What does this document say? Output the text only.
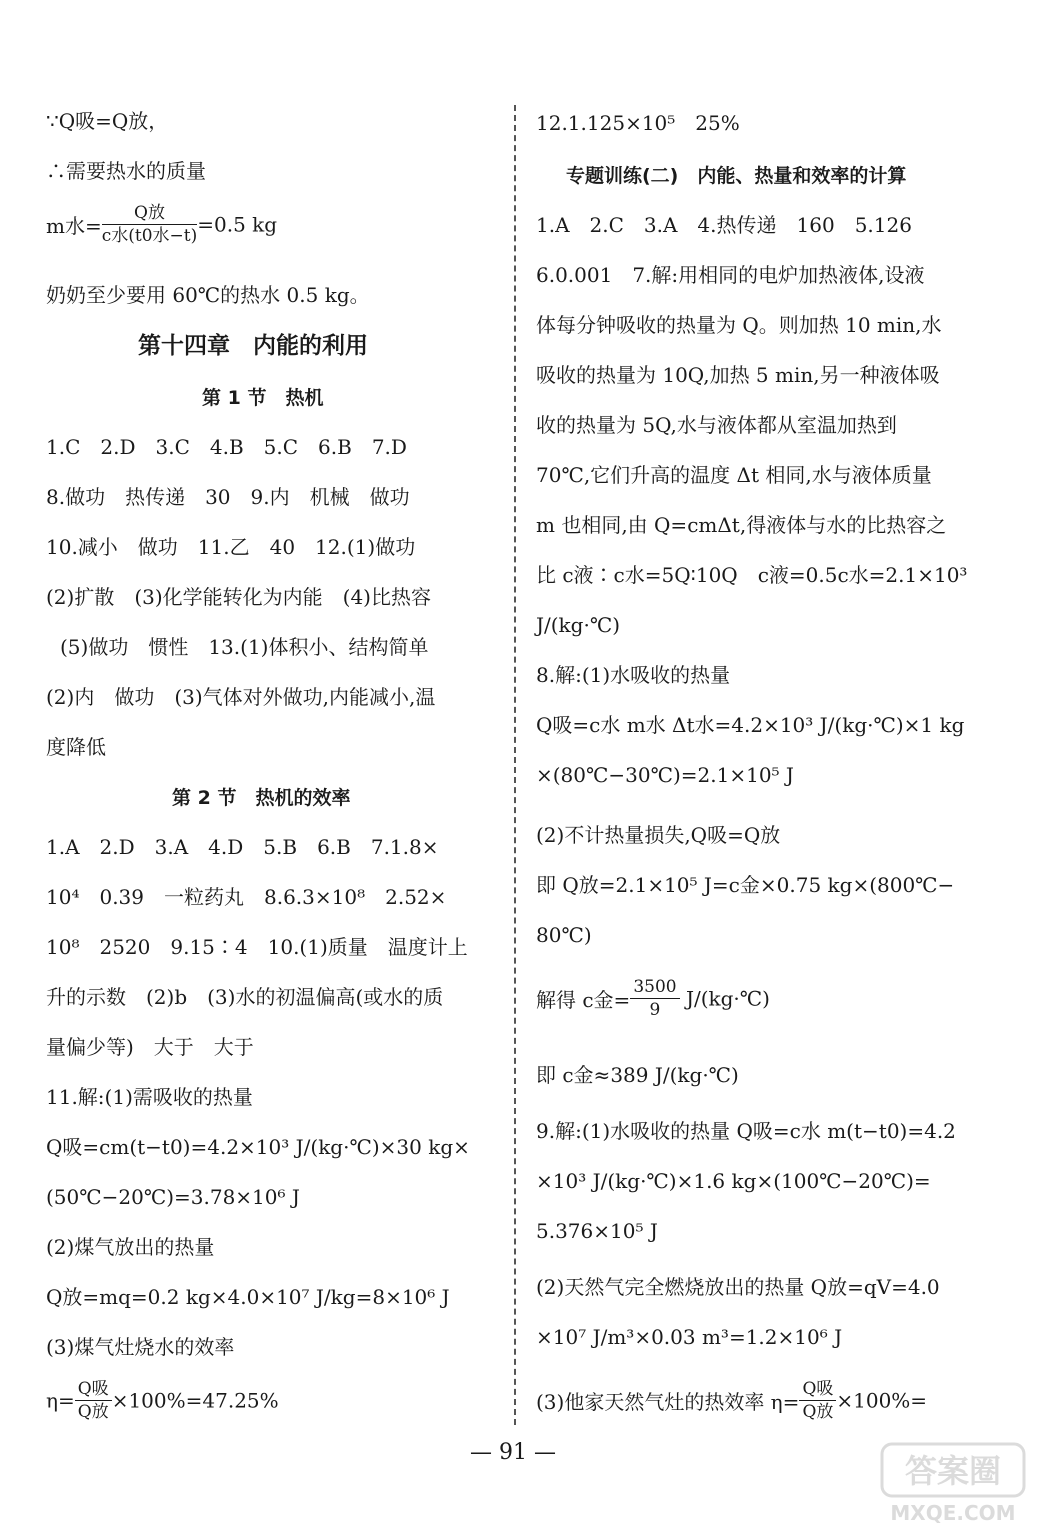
∵Q吸=Q放，
∴需要热水的质量
m水= $\frac{\text{Q放}}{\text{c水(t0水−t)}} =0.5$ kg
奶奶至少要用 60℃的热水 0.5 kg。
第十四章　内能的利用
第 1 节　热机
1.C　2.D　3.C　4.B　5.C　6.B　7.D
8.做功　热传递　30　9.内　机械　做功
10.减小　做功　11.乙　40　12.(1)做功
(2)扩散　(3)化学能转化为内能　(4)比热容
(5)做功　惯性　13.(1)体积小、结构简单
(2)内　做功　(3)气体对外做功,内能减小,温
度降低
第 2 节　热机的效率
1.A　2.D　3.A　4.D　5.B　6.B　7.1.8×
10⁴　0.39　一粒药丸　8.6.3×10⁸　2.52×
10⁸　2520　9.15∶4　10.(1)质量　温度计上
升的示数　(2)b　(3)水的初温偏高(或水的质
量偏少等)　大于　大于
11.解:(1)需吸收的热量
Q吸=cm(t−t0)=4.2×10³ J/(kg·℃)×30 kg×
(50℃−20℃)=3.78×10⁶ J
(2)煤气放出的热量
Q放=mq=0.2 kg×4.0×10⁷ J/kg=8×10⁶ J
(3)煤气灶烧水的效率
$\eta= \frac{\text{Q吸}}{\text{Q放}} \times 100\%=47.25\%$
12.1.125×10⁵　25%
专题训练(二)　内能、热量和效率的计算
1.A　2.C　3.A　4.热传递　160　5.126
6.0.001　7.解:用相同的电炉加热液体,设液
体每分钟吸收的热量为 Q。则加热 10 min,水
吸收的热量为 10Q,加热 5 min,另一种液体吸
收的热量为 5Q,水与液体都从室温加热到
70℃,它们升高的温度 Δt 相同,水与液体质量
m 也相同,由 Q=cmΔt,得液体与水的比热容之
比 c液∶c水=5Q∶10Q　c液=0.5c水=2.1×10³
J/(kg·℃)
8.解:(1)水吸收的热量
Q吸=c水 m水 Δt水=4.2×10³ J/(kg·℃)×1 kg
×(80℃−30℃)=2.1×10⁵ J
(2)不计热量损失,Q吸=Q放
即 Q放=2.1×10⁵ J=c金×0.75 kg×(800℃−
80℃)
解得 c金= $\frac{3500}{9}$ J/(kg·℃)
即 c金≈389 J/(kg·℃)
9.解:(1)水吸收的热量 Q吸=c水 m(t−t0)=4.2
×10³ J/(kg·℃)×1.6 kg×(100℃−20℃)=
5.376×10⁵ J
(2)天然气完全燃烧放出的热量 Q放=qV=4.0
×10⁷ J/m³×0.03 m³=1.2×10⁶ J
(3)他家天然气灶的热效率 $\eta= \frac{\text{Q吸}}{\text{Q放}} \times 100\%=$
— 91 —	答案圈
MXQE.COM
